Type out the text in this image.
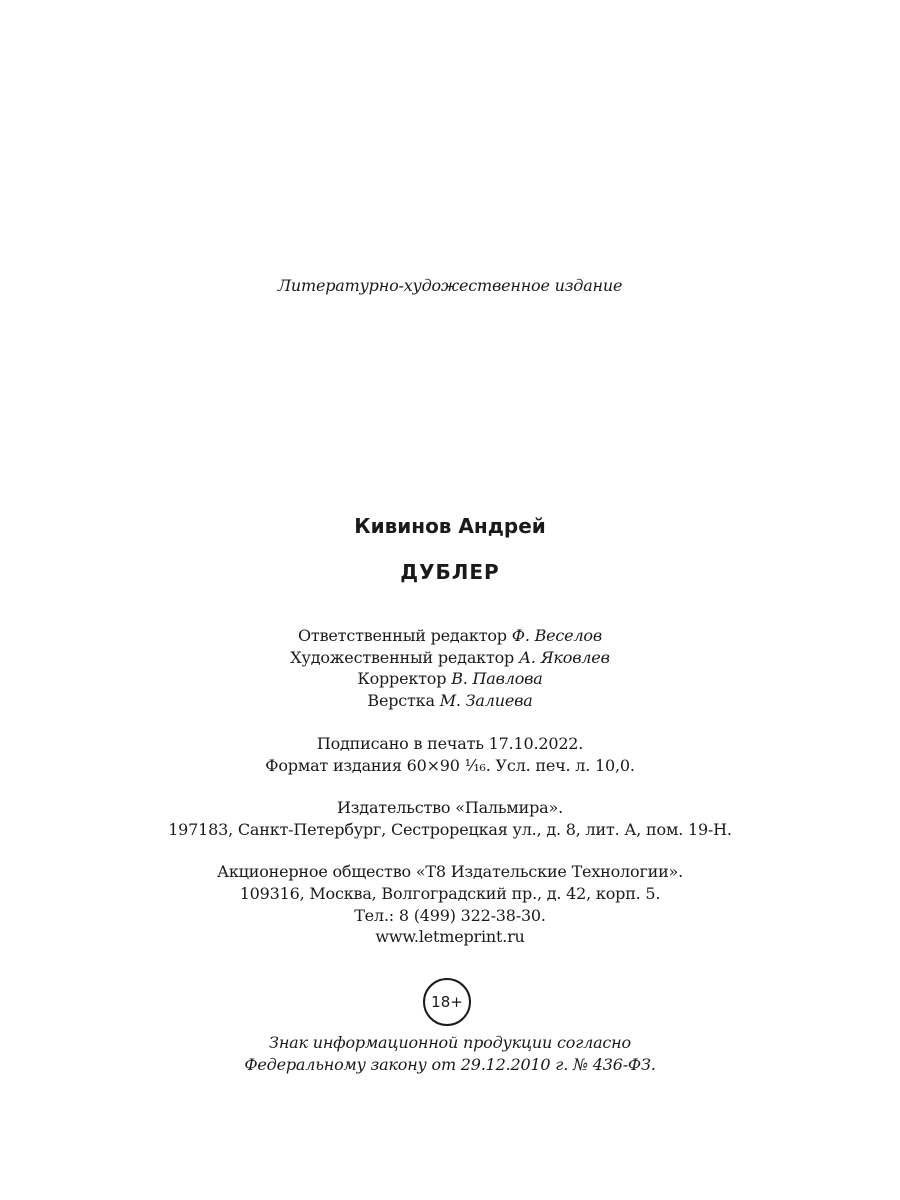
Литературно-художественное издание
Кивинов Андрей
ДУБЛЕР
Ответственный редактор Ф. Веселов
Художественный редактор А. Яковлев
Корректор В. Павлова
Верстка М. Залиева
Подписано в печать 17.10.2022.
Формат издания 60×90 ¹⁄₁₆. Усл. печ. л. 10,0.
Издательство «Пальмира».
197183, Санкт-Петербург, Сестрорецкая ул., д. 8, лит. А, пом. 19-Н.
Акционерное общество «Т8 Издательские Технологии».
109316, Москва, Волгоградский пр., д. 42, корп. 5.
Тел.: 8 (499) 322-38-30.
www.letmeprint.ru
18+
Знак информационной продукции согласно
Федеральному закону от 29.12.2010 г. № 436-ФЗ.
